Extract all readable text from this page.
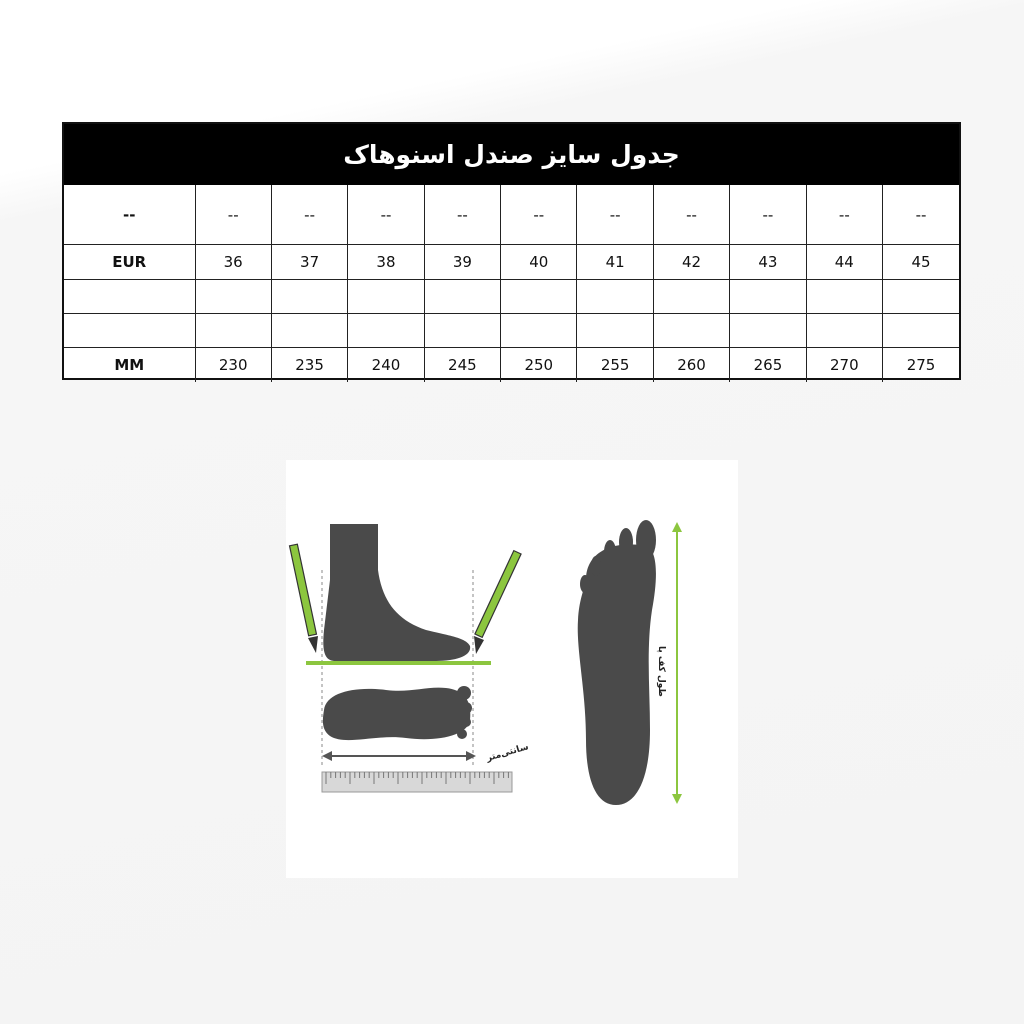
جدول سایز صندل اسنوهاک
--	--	--	--	--	--	--	--	--	--	--
EUR	36	37	38	39	40	41	42	43	44	45

MM	230	235	240	245	250	255	260	265	270	275
سانتی‌متر
طول کف پا
